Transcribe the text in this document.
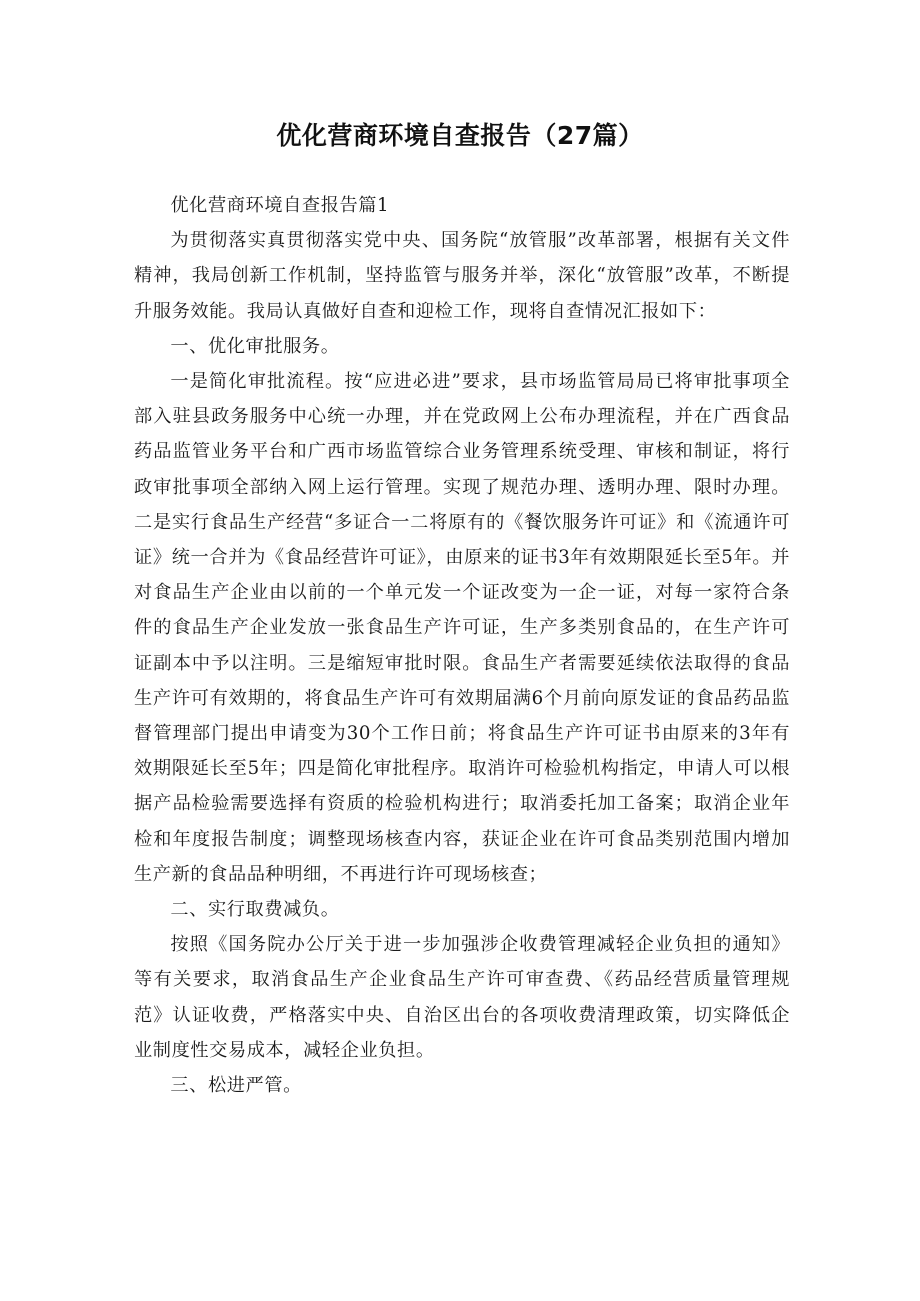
优化营商环境自查报告（27篇）

优化营商环境自查报告篇1

为贯彻落实真贯彻落实党中央、国务院“放管服”改革部署，根据有关文件精神，我局创新工作机制，坚持监管与服务并举，深化“放管服”改革，不断提升服务效能。我局认真做好自查和迎检工作，现将自查情况汇报如下：

一、优化审批服务。

一是简化审批流程。按“应进必进”要求，县市场监管局局已将审批事项全部入驻县政务服务中心统一办理，并在党政网上公布办理流程，并在广西食品药品监管业务平台和广西市场监管综合业务管理系统受理、审核和制证，将行政审批事项全部纳入网上运行管理。实现了规范办理、透明办理、限时办理。二是实行食品生产经营“多证合一二将原有的《餐饮服务许可证》和《流通许可证》统一合并为《食品经营许可证》，由原来的证书3年有效期限延长至5年。并对食品生产企业由以前的一个单元发一个证改变为一企一证，对每一家符合条件的食品生产企业发放一张食品生产许可证，生产多类别食品的，在生产许可证副本中予以注明。三是缩短审批时限。食品生产者需要延续依法取得的食品生产许可有效期的，将食品生产许可有效期届满6个月前向原发证的食品药品监督管理部门提出申请变为30个工作日前；将食品生产许可证书由原来的3年有效期限延长至5年；四是简化审批程序。取消许可检验机构指定，申请人可以根据产品检验需要选择有资质的检验机构进行；取消委托加工备案；取消企业年检和年度报告制度；调整现场核查内容，获证企业在许可食品类别范围内增加生产新的食品品种明细，不再进行许可现场核查；

二、实行取费减负。

按照《国务院办公厅关于进一步加强涉企收费管理减轻企业负担的通知》等有关要求，取消食品生产企业食品生产许可审查费、《药品经营质量管理规范》认证收费，严格落实中央、自治区出台的各项收费清理政策，切实降低企业制度性交易成本，减轻企业负担。

三、松进严管。
